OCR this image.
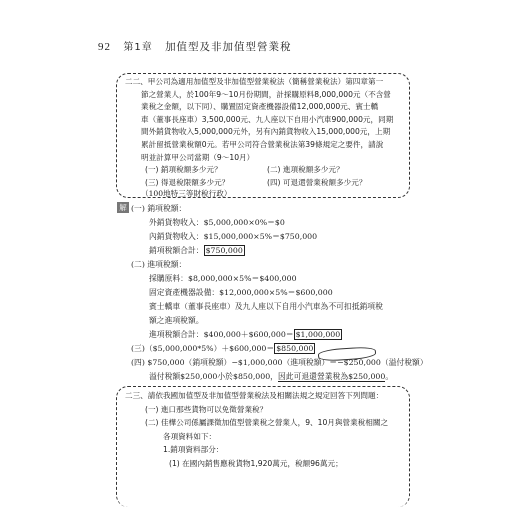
92 第1章 加值型及非加值型營業稅
二二、甲公司為適用加值型及非加值型營業稅法（簡稱營業稅法）第四章第一
節之營業人，於100年9～10月份期間，計採購原料8,000,000元（不含營
業稅之金額，以下同）、購置固定資產機器設備12,000,000元、賓士轎
車（董事長座車）3,500,000元、九人座以下自用小汽車900,000元，同期
間外銷貨物收入5,000,000元外，另有內銷貨物收入15,000,000元，上期
累計留抵營業稅額0元。若甲公司符合營業稅法第39條規定之要件，請說
明並計算甲公司當期（9～10月）
(一) 銷項稅額多少元？	(二) 進項稅額多少元？
(三) 得退稅限額多少元？	(四) 可退還營業稅額多少元？
（100地特三等財稅行政）
解 (一) 銷項稅額：
外銷貨物收入：$5,000,000×0%＝$0
內銷貨物收入：$15,000,000×5%＝$750,000
銷項稅額合計： $750,000
(二) 進項稅額：
採購原料：$8,000,000×5%＝$400,000
固定資產機器設備：$12,000,000×5%＝$600,000
賓士轎車（董事長座車）及九人座以下自用小汽車為不可扣抵銷項稅
額之進項稅額。
進項稅額合計：$400,000＋$600,000＝ $1,000,000
(三)（$5,000,000*5%）＋$600,000＝ $850,000
(四) $750,000（銷項稅額）−$1,000,000（進項稅額）＝−$250,000（溢付稅額）
溢付稅額$250,000小於$850,000，因此可退還營業稅為$250,000。
二三、請依我國加值型及非加值型營業稅法及相關法規之規定回答下列問題：
(一) 進口那些貨物可以免徵營業稅？
(二) 佳樺公司係屬課徵加值型營業稅之營業人，9、10月與營業稅相關之
各項資料如下：
1.銷項資料部分：
(1) 在國內銷售應稅貨物1,920萬元，稅額96萬元；
